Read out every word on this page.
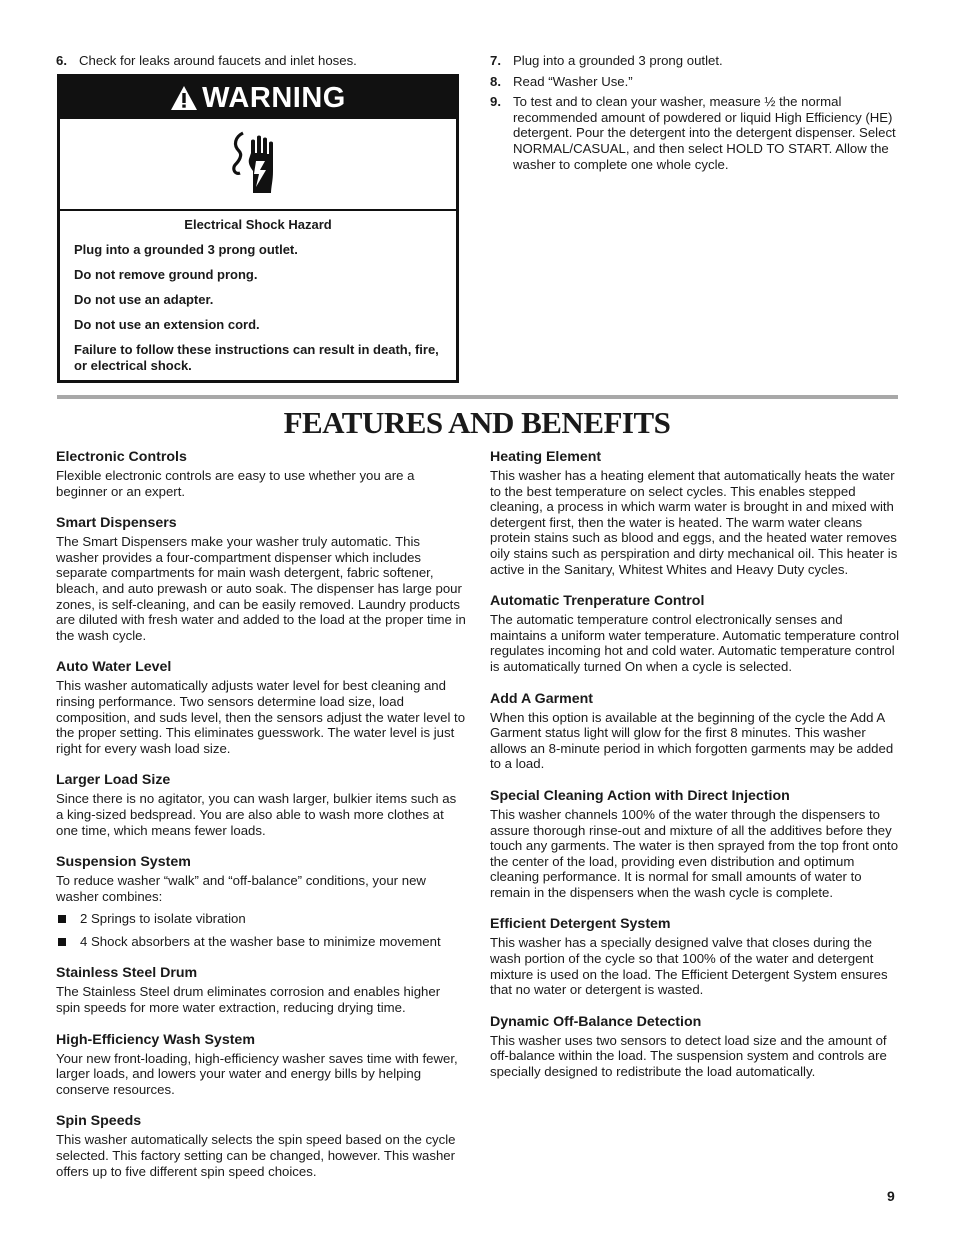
6. Check for leaks around faucets and inlet hoses.
WARNING
Electrical Shock Hazard
Plug into a grounded 3 prong outlet.
Do not remove ground prong.
Do not use an adapter.
Do not use an extension cord.
Failure to follow these instructions can result in death, fire, or electrical shock.
7. Plug into a grounded 3 prong outlet.
8. Read “Washer Use.”
9. To test and to clean your washer, measure ½ the normal recommended amount of powdered or liquid High Efficiency (HE) detergent. Pour the detergent into the detergent dispenser. Select NORMAL/CASUAL, and then select HOLD TO START. Allow the washer to complete one whole cycle.
FEATURES AND BENEFITS
Electronic Controls

Flexible electronic controls are easy to use whether you are a beginner or an expert.

Smart Dispensers

The Smart Dispensers make your washer truly automatic. This washer provides a four-compartment dispenser which includes separate compartments for main wash detergent, fabric softener, bleach, and auto prewash or auto soak. The dispenser has large pour zones, is self-cleaning, and can be easily removed. Laundry products are diluted with fresh water and added to the load at the proper time in the wash cycle.

Auto Water Level

This washer automatically adjusts water level for best cleaning and rinsing performance. Two sensors determine load size, load composition, and suds level, then the sensors adjust the water level to the proper setting. This eliminates guesswork. The water level is just right for every wash load size.

Larger Load Size

Since there is no agitator, you can wash larger, bulkier items such as a king-sized bedspread. You are also able to wash more clothes at one time, which means fewer loads.

Suspension System

To reduce washer “walk” and “off-balance” conditions, your new washer combines:

2 Springs to isolate vibration
4 Shock absorbers at the washer base to minimize movement
Stainless Steel Drum

The Stainless Steel drum eliminates corrosion and enables higher spin speeds for more water extraction, reducing drying time.

High-Efficiency Wash System

Your new front-loading, high-efficiency washer saves time with fewer, larger loads, and lowers your water and energy bills by helping conserve resources.

Spin Speeds

This washer automatically selects the spin speed based on the cycle selected. This factory setting can be changed, however. This washer offers up to five different spin speed choices.

Heating Element

This washer has a heating element that automatically heats the water to the best temperature on select cycles. This enables stepped cleaning, a process in which warm water is brought in and mixed with detergent first, then the water is heated. The warm water cleans protein stains such as blood and eggs, and the heated water removes oily stains such as perspiration and dirty mechanical oil. This heater is active in the Sanitary, Whitest Whites and Heavy Duty cycles.

Automatic Trenperature Control

The automatic temperature control electronically senses and maintains a uniform water temperature. Automatic temperature control regulates incoming hot and cold water. Automatic temperature control is automatically turned On when a cycle is selected.

Add A Garment

When this option is available at the beginning of the cycle the Add A Garment status light will glow for the first 8 minutes. This washer allows an 8-minute period in which forgotten garments may be added to a load.

Special Cleaning Action with Direct Injection

This washer channels 100% of the water through the dispensers to assure thorough rinse-out and mixture of all the additives before they touch any garments. The water is then sprayed from the top front onto the center of the load, providing even distribution and optimum cleaning performance. It is normal for small amounts of water to remain in the dispensers when the wash cycle is complete.

Efficient Detergent System

This washer has a specially designed valve that closes during the wash portion of the cycle so that 100% of the water and detergent mixture is used on the load. The Efficient Detergent System ensures that no water or detergent is wasted.

Dynamic Off-Balance Detection

This washer uses two sensors to detect load size and the amount of off-balance within the load. The suspension system and controls are specially designed to redistribute the load automatically.

9
